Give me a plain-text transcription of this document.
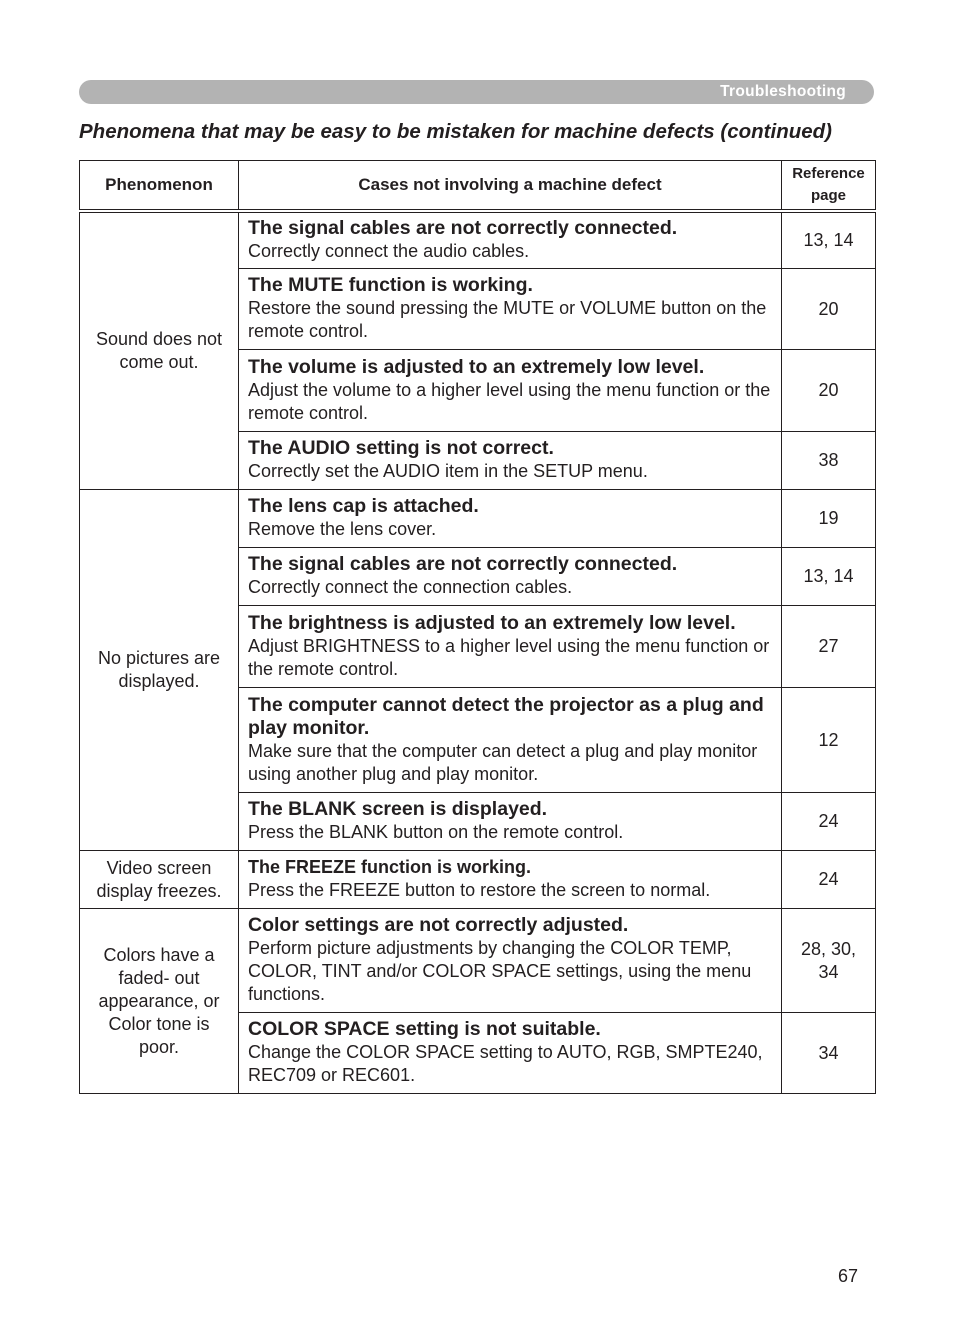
Troubleshooting
Phenomena that may be easy to be mistaken for machine defects (continued)
Phenomenon	Cases not involving a machine defect	Reference
page
Sound does not come out.	The signal cables are not correctly connected.
Correctly connect the audio cables.	13, 14

	The MUTE function is working.
Restore the sound pressing the MUTE or VOLUME button on the remote control.	20

	The volume is adjusted to an extremely low level.
Adjust the volume to a higher level using the menu function or the remote control.	20

	The AUDIO setting is not correct.
Correctly set the AUDIO item in the SETUP menu.	38
No pictures are displayed.	The lens cap is attached.
Remove the lens cover.	19

	The signal cables are not correctly connected.
Correctly connect the connection cables.	13, 14

	The brightness is adjusted to an extremely low level.
Adjust BRIGHTNESS to a higher level using the menu function or the remote control.	27

	The computer cannot detect the projector as a plug and play monitor.
Make sure that the computer can detect a plug and play monitor using another plug and play monitor.	12

	The BLANK screen is displayed.
Press the BLANK button on the remote control.	24
Video screen display freezes.	The FREEZE function is working.
Press the FREEZE button to restore the screen to normal.	24
Colors have a faded- out appearance, or Color tone is poor.	Color settings are not correctly adjusted.
Perform picture adjustments by changing the COLOR TEMP, COLOR, TINT and/or COLOR SPACE settings, using the menu functions.	28, 30, 34

	COLOR SPACE setting is not suitable.
Change the COLOR SPACE setting to AUTO, RGB, SMPTE240, REC709 or REC601.	34
67
